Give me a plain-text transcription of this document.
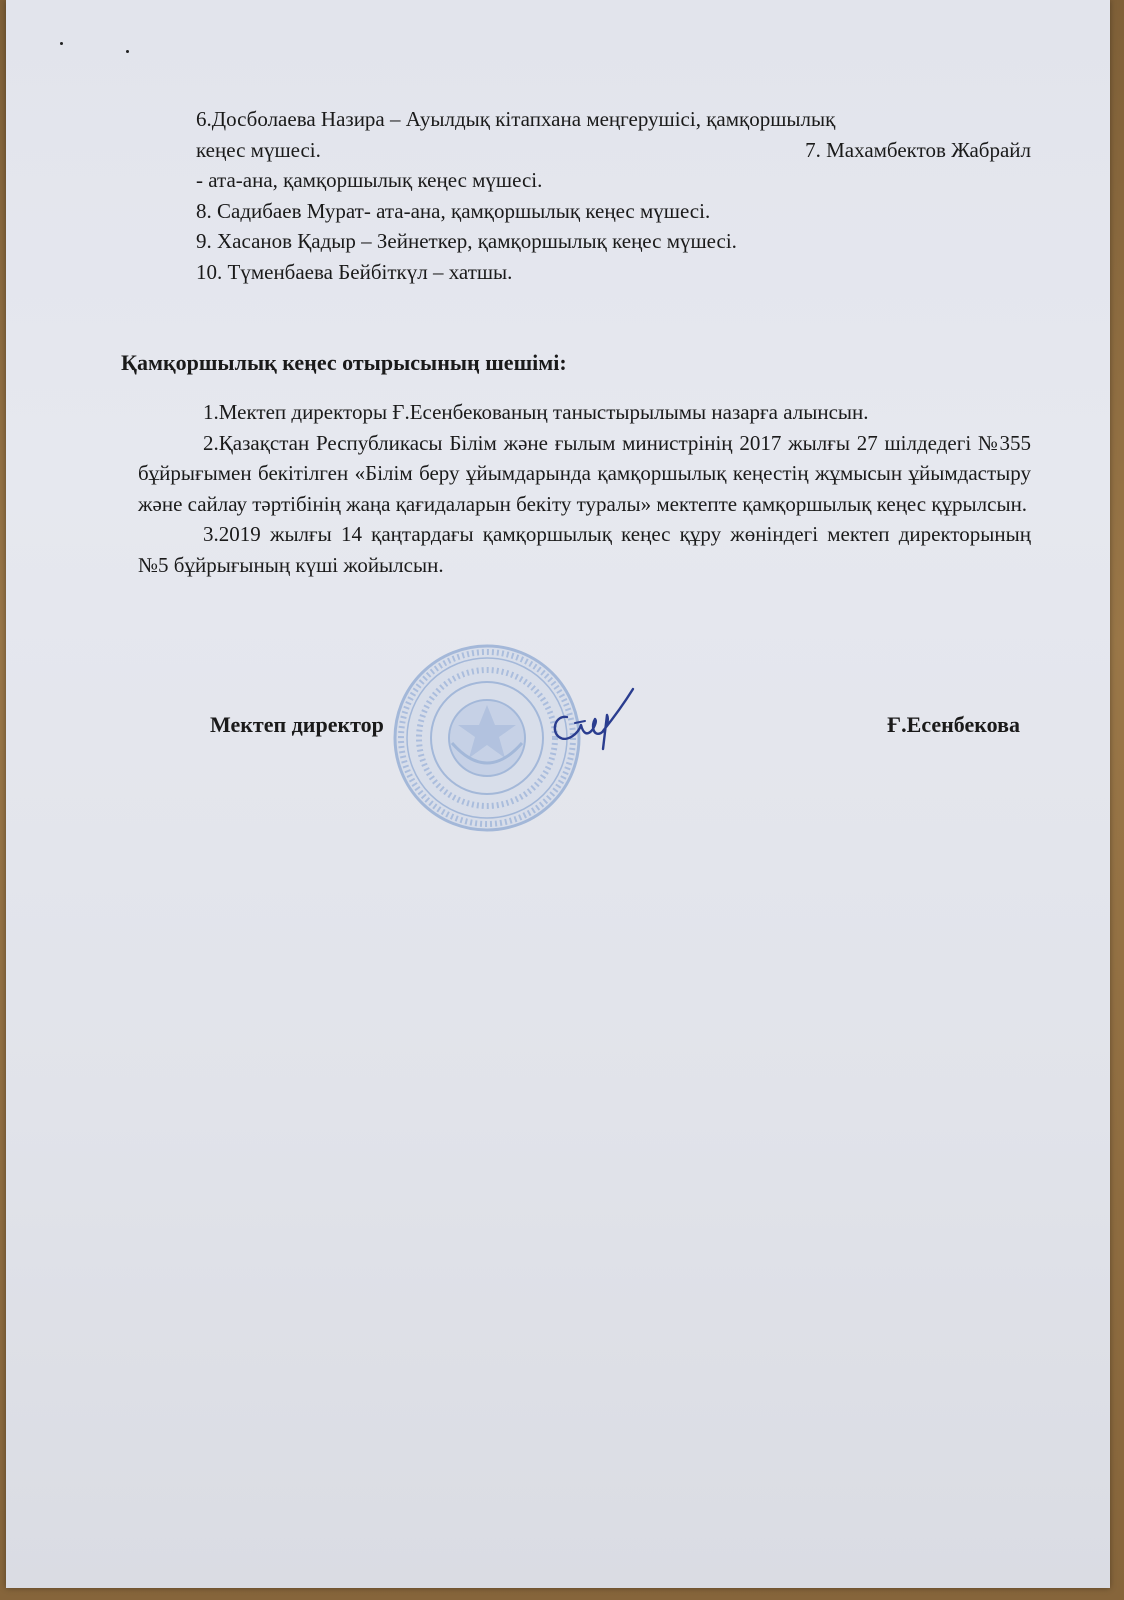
6.Досболаева Назира – Ауылдық кітапхана меңгерушісі, қамқоршылық
кеңес мүшесі.	7. Махамбектов Жабрайл
- ата-ана, қамқоршылық кеңес мүшесі.
8. Садибаев Мурат- ата-ана, қамқоршылық кеңес мүшесі.
9. Хасанов Қадыр – Зейнеткер, қамқоршылық кеңес мүшесі.
10. Түменбаева Бейбіткүл – хатшы.
Қамқоршылық кеңес отырысының шешімі:

1.Мектеп директоры Ғ.Есенбекованың таныстырылымы назарға алынсын.

2.Қазақстан Республикасы Білім және ғылым министрінің 2017 жылғы 27 шілдедегі №355 бұйрығымен бекітілген «Білім беру ұйымдарында қамқоршылық кеңестің жұмысын ұйымдастыру және сайлау тәртібінің жаңа қағидаларын бекіту туралы» мектепте қамқоршылық кеңес құрылсын.

3.2019 жылғы 14 қаңтардағы қамқоршылық кеңес құру жөніндегі мектеп директорының №5 бұйрығының күші жойылсын.

Мектеп директор	Ғ.Есенбекова
